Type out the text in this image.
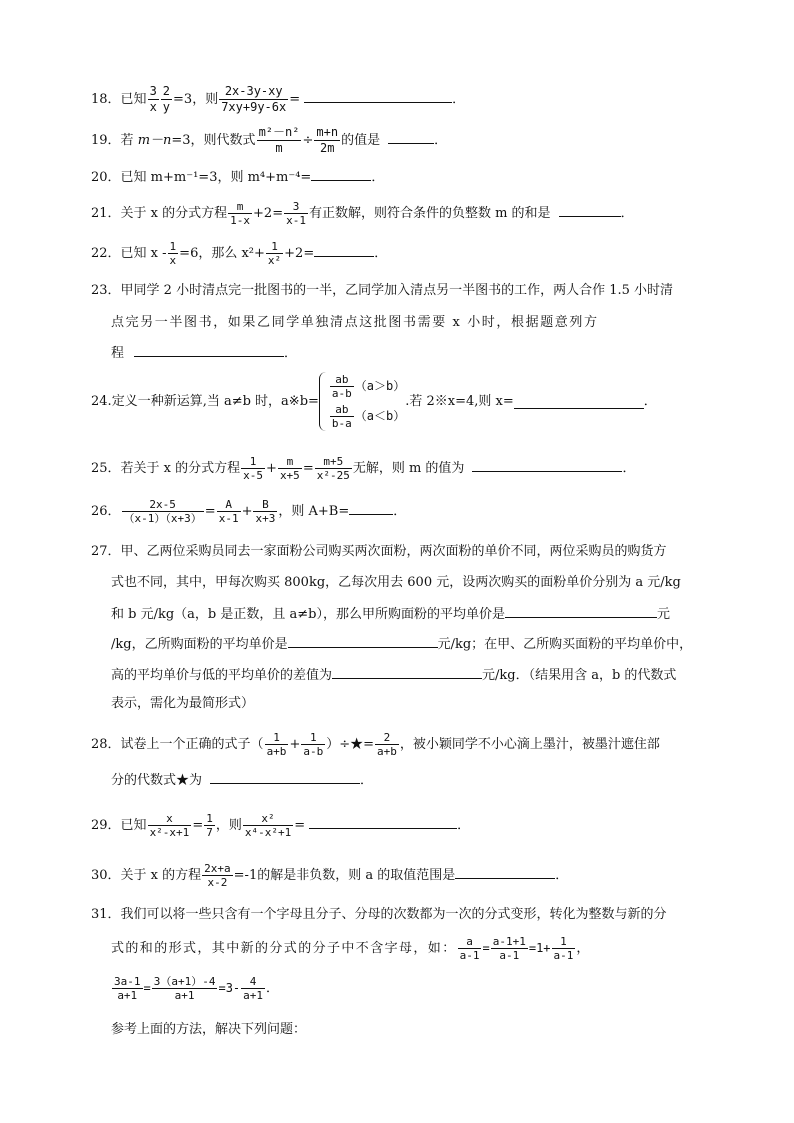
18．已知 $\frac{3}{x} \frac{2}{y} =3$，则 $\frac{2x-3y-xy}{7xy+9y-6x}$ =	．
19．若 m－n=3，则代数式 $\frac{\text{m²－n²}}{m} \div \frac{m+n}{2m}$ 的值是	．
20．已知 m+m⁻¹=3，则 m⁴+m⁻⁴=	．
21．关于 x 的分式方程 $\frac{m}{1-x} +2= \frac{3}{x-1}$ 有正数解，则符合条件的负整数 m 的和是	．
22．已知 $x - \frac{1}{x} =6$，那么 $x^2+ \frac{1}{\text{x²}} +2=$	．
23．甲同学 2 小时清点完一批图书的一半，乙同学加入清点另一半图书的工作，两人合作 1.5 小时清
点完另一半图书，如果乙同学单独清点这批图书需要 x 小时，根据题意列方
程	．
24.定义一种新运算,当 a≠b 时，a※b=
$\frac{ab}{a-b} (a>b)$
$\frac{ab}{b-a} (a<b)$
.若 2※x=4,则 x=	．
25．若关于 x 的分式方程 $\frac{1}{x-5} + \frac{m}{x+5} = \frac{m+5}{\text{x²-25}}$ 无解，则 m 的值为	．
26． $\frac{2x-5}{(x-1)(x+3)} = \frac{A}{x-1} + \frac{B}{x+3}$ ，则 A+B=	．
27．甲、乙两位采购员同去一家面粉公司购买两次面粉，两次面粉的单价不同，两位采购员的购货方
式也不同，其中，甲每次购买 800kg，乙每次用去 600 元，设两次购买的面粉单价分别为 a 元/kg
和 b 元/kg（a，b 是正数，且 a≠b），那么甲所购面粉的平均单价是	元
/kg，乙所购面粉的平均单价是	元/kg；在甲、乙所购买面粉的平均单价中，
高的平均单价与低的平均单价的差值为	元/kg．（结果用含 a，b 的代数式
表示，需化为最简形式）
28．试卷上一个正确的式子（ $\frac{1}{a+b} + \frac{1}{a-b}$ ）÷★= $\frac{2}{a+b}$ ，被小颖同学不小心滴上墨汁，被墨汁遮住部
分的代数式★为	．
29．已知 $\frac{x}{\text{x²-x+1}} = \frac{1}{7}$ ，则 $\frac{\text{x²}}{\text{x⁴-x²+1}}$ =	．
30．关于 x 的方程 $\frac{2x+a}{x-2} =-1$的解是非负数，则 a 的取值范围是	．
31．我们可以将一些只含有一个字母且分子、分母的次数都为一次的分式变形，转化为整数与新的分
式的和的形式，其中新的分式的分子中不含字母，如： $\frac{a}{a-1} = \frac{a-1+1}{a-1} =1+ \frac{1}{a-1}$ ，
$\frac{3a-1}{a+1} = \frac{3(a+1)-4}{a+1} =3- \frac{4}{a+1}$ ．
参考上面的方法，解决下列问题：
